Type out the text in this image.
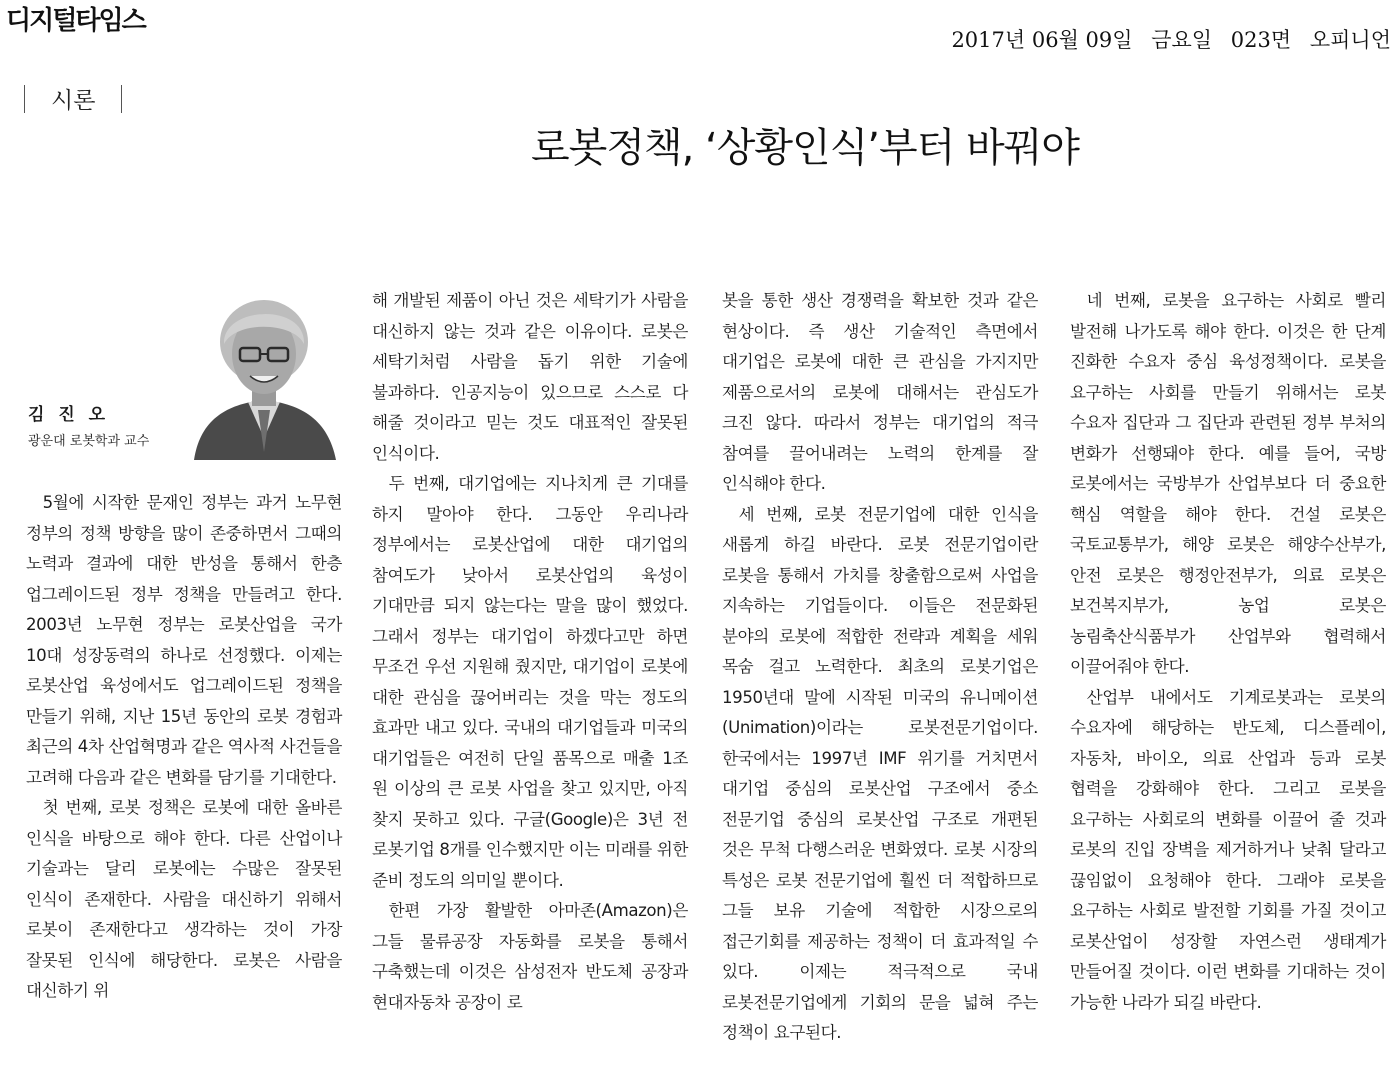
디지털타임스
2017년 06월 09일 금요일 023면 오피니언
시론
로봇정책, ‘상황인식’부터 바꿔야
김 진 오
광운대 로봇학과 교수

5월에 시작한 문재인 정부는 과거 노무현 정부의 정책 방향을 많이 존중하면서 그때의 노력과 결과에 대한 반성을 통해서 한층 업그레이드된 정부 정책을 만들려고 한다. 2003년 노무현 정부는 로봇산업을 국가 10대 성장동력의 하나로 선정했다. 이제는 로봇산업 육성에서도 업그레이드된 정책을 만들기 위해, 지난 15년 동안의 로봇 경험과 최근의 4차 산업혁명과 같은 역사적 사건들을 고려해 다음과 같은 변화를 담기를 기대한다.

첫 번째, 로봇 정책은 로봇에 대한 올바른 인식을 바탕으로 해야 한다. 다른 산업이나 기술과는 달리 로봇에는 수많은 잘못된 인식이 존재한다. 사람을 대신하기 위해서 로봇이 존재한다고 생각하는 것이 가장 잘못된 인식에 해당한다. 로봇은 사람을 대신하기 위

해 개발된 제품이 아닌 것은 세탁기가 사람을 대신하지 않는 것과 같은 이유이다. 로봇은 세탁기처럼 사람을 돕기 위한 기술에 불과하다. 인공지능이 있으므로 스스로 다 해줄 것이라고 믿는 것도 대표적인 잘못된 인식이다.

두 번째, 대기업에는 지나치게 큰 기대를 하지 말아야 한다. 그동안 우리나라 정부에서는 로봇산업에 대한 대기업의 참여도가 낮아서 로봇산업의 육성이 기대만큼 되지 않는다는 말을 많이 했었다. 그래서 정부는 대기업이 하겠다고만 하면 무조건 우선 지원해 줬지만, 대기업이 로봇에 대한 관심을 끊어버리는 것을 막는 정도의 효과만 내고 있다. 국내의 대기업들과 미국의 대기업들은 여전히 단일 품목으로 매출 1조 원 이상의 큰 로봇 사업을 찾고 있지만, 아직 찾지 못하고 있다. 구글(Google)은 3년 전 로봇기업 8개를 인수했지만 이는 미래를 위한 준비 정도의 의미일 뿐이다.

한편 가장 활발한 아마존(Amazon)은 그들 물류공장 자동화를 로봇을 통해서 구축했는데 이것은 삼성전자 반도체 공장과 현대자동차 공장이 로

봇을 통한 생산 경쟁력을 확보한 것과 같은 현상이다. 즉 생산 기술적인 측면에서 대기업은 로봇에 대한 큰 관심을 가지지만 제품으로서의 로봇에 대해서는 관심도가 크진 않다. 따라서 정부는 대기업의 적극 참여를 끌어내려는 노력의 한계를 잘 인식해야 한다.

세 번째, 로봇 전문기업에 대한 인식을 새롭게 하길 바란다. 로봇 전문기업이란 로봇을 통해서 가치를 창출함으로써 사업을 지속하는 기업들이다. 이들은 전문화된 분야의 로봇에 적합한 전략과 계획을 세워 목숨 걸고 노력한다. 최초의 로봇기업은 1950년대 말에 시작된 미국의 유니메이션(Unimation)이라는 로봇전문기업이다. 한국에서는 1997년 IMF 위기를 거치면서 대기업 중심의 로봇산업 구조에서 중소 전문기업 중심의 로봇산업 구조로 개편된 것은 무척 다행스러운 변화였다. 로봇 시장의 특성은 로봇 전문기업에 훨씬 더 적합하므로 그들 보유 기술에 적합한 시장으로의 접근기회를 제공하는 정책이 더 효과적일 수 있다. 이제는 적극적으로 국내 로봇전문기업에게 기회의 문을 넓혀 주는 정책이 요구된다.

네 번째, 로봇을 요구하는 사회로 빨리 발전해 나가도록 해야 한다. 이것은 한 단계 진화한 수요자 중심 육성정책이다. 로봇을 요구하는 사회를 만들기 위해서는 로봇 수요자 집단과 그 집단과 관련된 정부 부처의 변화가 선행돼야 한다. 예를 들어, 국방 로봇에서는 국방부가 산업부보다 더 중요한 핵심 역할을 해야 한다. 건설 로봇은 국토교통부가, 해양 로봇은 해양수산부가, 안전 로봇은 행정안전부가, 의료 로봇은 보건복지부가, 농업 로봇은 농림축산식품부가 산업부와 협력해서 이끌어줘야 한다.

산업부 내에서도 기계로봇과는 로봇의 수요자에 해당하는 반도체, 디스플레이, 자동차, 바이오, 의료 산업과 등과 로봇 협력을 강화해야 한다. 그리고 로봇을 요구하는 사회로의 변화를 이끌어 줄 것과 로봇의 진입 장벽을 제거하거나 낮춰 달라고 끊임없이 요청해야 한다. 그래야 로봇을 요구하는 사회로 발전할 기회를 가질 것이고 로봇산업이 성장할 자연스런 생태계가 만들어질 것이다. 이런 변화를 기대하는 것이 가능한 나라가 되길 바란다.
